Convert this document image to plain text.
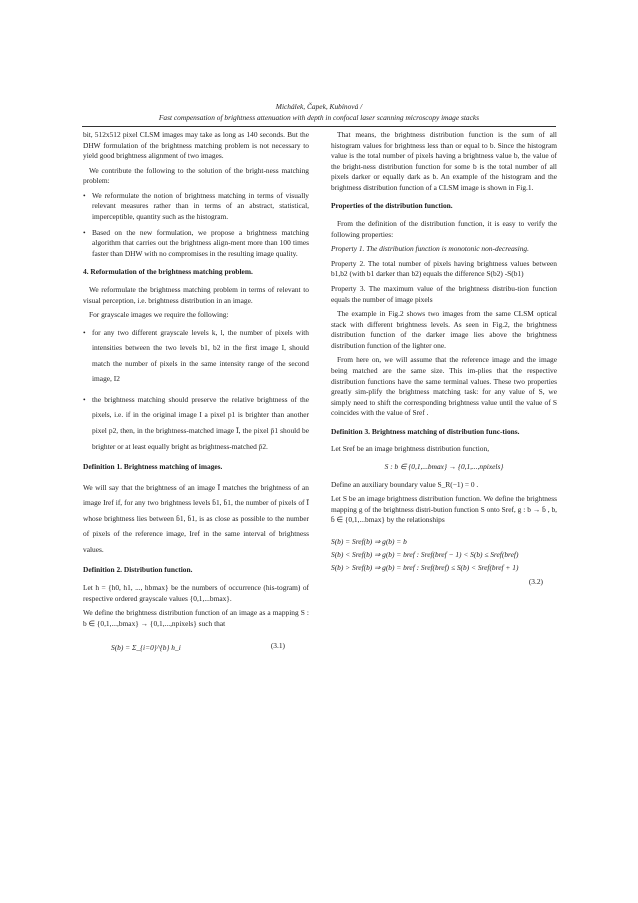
Michálek, Čapek, Kubínová /
Fast compensation of brightness attenuation with depth in confocal laser scanning microscopy image stacks

bit, 512x512 pixel CLSM images may take as long as 140 seconds. But the DHW formulation of the brightness matching problem is not necessary to yield good brightness alignment of two images.

We contribute the following to the solution of the bright-ness matching problem:

• We reformulate the notion of brightness matching in terms of visually relevant measures rather than in terms of an abstract, statistical, imperceptible, quantity such as the histogram.
• Based on the new formulation, we propose a brightness matching algorithm that carries out the brightness align-ment more than 100 times faster than DHW with no compromises in the resulting image quality.

4. Reformulation of the brightness matching problem.

We reformulate the brightness matching problem in terms of relevant to visual perception, i.e. brightness distribution in an image.

For grayscale images we require the following:

• for any two different grayscale levels k, l, the number of pixels with intensities between the two levels b1, b2 in the first image I, should match the number of pixels in the same intensity range of the second image, I2
• the brightness matching should preserve the relative brightness of the pixels, i.e. if in the original image I a pixel p1 is brighter than another pixel p2, then, in the brightness-matched image Ī, the pixel p̄1 should be brighter or at least equally bright as brightness-matched p̄2.

Definition 1. Brightness matching of images.

We will say that the brightness of an image Ī matches the brightness of an image Iref if, for any two brightness levels b̄1, b̄1, the number of pixels of Ī whose brightness lies between b̄1, b̄1, is as close as possible to the number of pixels of the reference image, Iref in the same interval of brightness values.

Definition 2. Distribution function.

Let h = {h0, h1, ..., hbmax} be the numbers of occurrence (his-togram) of respective ordered grayscale values {0,1,...bmax}.

We define the brightness distribution function of an image as a mapping S : b ∈ {0,1,...,bmax} → {0,1,...,npixels} such that

S(b) = Σ_{i=0}^{b} h_i	(3.1)

That means, the brightness distribution function is the sum of all histogram values for brightness less than or equal to b. Since the histogram value is the total number of pixels having a brightness value b, the value of the bright-ness distribution function for some b is the total number of all pixels darker or equally dark as b. An example of the histogram and the brightness distribution function of a CLSM image is shown in Fig.1.

Properties of the distribution function.

From the definition of the distribution function, it is easy to verify the following properties:

Property 1. The distribution function is monotonic non-decreasing.

Property 2. The total number of pixels having brightness values between b1,b2 (with b1 darker than b2) equals the difference S(b2) -S(b1)

Property 3. The maximum value of the brightness distribu-tion function equals the number of image pixels

The example in Fig.2 shows two images from the same CLSM optical stack with different brightness levels. As seen in Fig.2, the brightness distribution function of the darker image lies above the brightness distribution function of the lighter one.

From here on, we will assume that the reference image and the image being matched are the same size. This im-plies that the respective distribution functions have the same terminal values. These two properties greatly sim-plify the brightness matching task: for any value of S, we simply need to shift the corresponding brightness value until the value of S coincides with the value of Sref .

Definition 3. Brightness matching of distribution func-tions.

Let Sref be an image brightness distribution function,

S : b ∈ {0,1,...bmax} → {0,1,...,npixels}

Define an auxiliary boundary value S_R(−1) = 0 .

Let S be an image brightness distribution function. We define the brightness mapping g of the brightness distri-bution function S onto Sref, g : b → b̄ , b, b̄ ∈ {0,1,...bmax} by the relationships

S(b) = Sref(b) ⇒ g(b) = b
S(b) < Sref(b) ⇒ g(b) = bref : Sref(bref − 1) < S(b) ≤ Sref(bref)
S(b) > Sref(b) ⇒ g(b) = bref : Sref(bref) ≤ S(b) < Sref(bref + 1)
(3.2)
